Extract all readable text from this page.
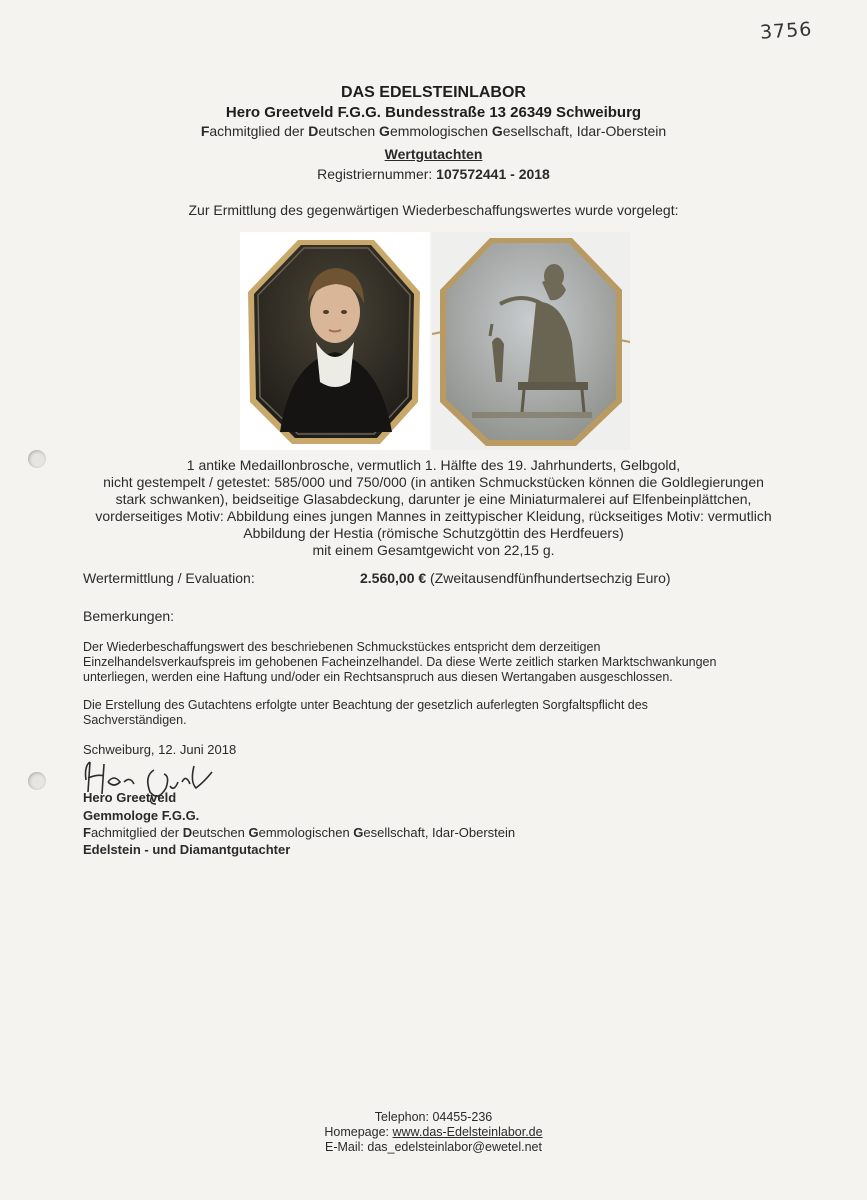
3756
DAS EDELSTEINLABOR
Hero Greetveld F.G.G. Bundesstraße 13 26349 Schweiburg
Fachmitglied der Deutschen Gemmologischen Gesellschaft, Idar-Oberstein
Wertgutachten
Registriernummer: 107572441 - 2018
Zur Ermittlung des gegenwärtigen Wiederbeschaffungswertes wurde vorgelegt:
1 antike Medaillonbrosche, vermutlich 1. Hälfte des 19. Jahrhunderts, Gelbgold,
nicht gestempelt / getestet: 585/000 und 750/000 (in antiken Schmuckstücken können die Goldlegierungen
stark schwanken), beidseitige Glasabdeckung, darunter je eine Miniaturmalerei auf Elfenbeinplättchen,
vorderseitiges Motiv: Abbildung eines jungen Mannes in zeittypischer Kleidung, rückseitiges Motiv: vermutlich
Abbildung der Hestia (römische Schutzgöttin des Herdfeuers)
mit einem Gesamtgewicht von 22,15 g.
Wertermittlung / Evaluation:	2.560,00 € (Zweitausendfünfhundertsechzig Euro)
Bemerkungen:
Der Wiederbeschaffungswert des beschriebenen Schmuckstückes entspricht dem derzeitigen
Einzelhandelsverkaufspreis im gehobenen Facheinzelhandel. Da diese Werte zeitlich starken Marktschwankungen
unterliegen, werden eine Haftung und/oder ein Rechtsanspruch aus diesen Wertangaben ausgeschlossen.
Die Erstellung des Gutachtens erfolgte unter Beachtung der gesetzlich auferlegten Sorgfaltspflicht des
Sachverständigen.
Schweiburg, 12. Juni 2018
Hero Greetveld
Gemmologe F.G.G.
Fachmitglied der Deutschen Gemmologischen Gesellschaft, Idar-Oberstein
Edelstein - und Diamantgutachter
Telephon: 04455-236
Homepage: www.das-Edelsteinlabor.de
E-Mail: das_edelsteinlabor@ewetel.net
